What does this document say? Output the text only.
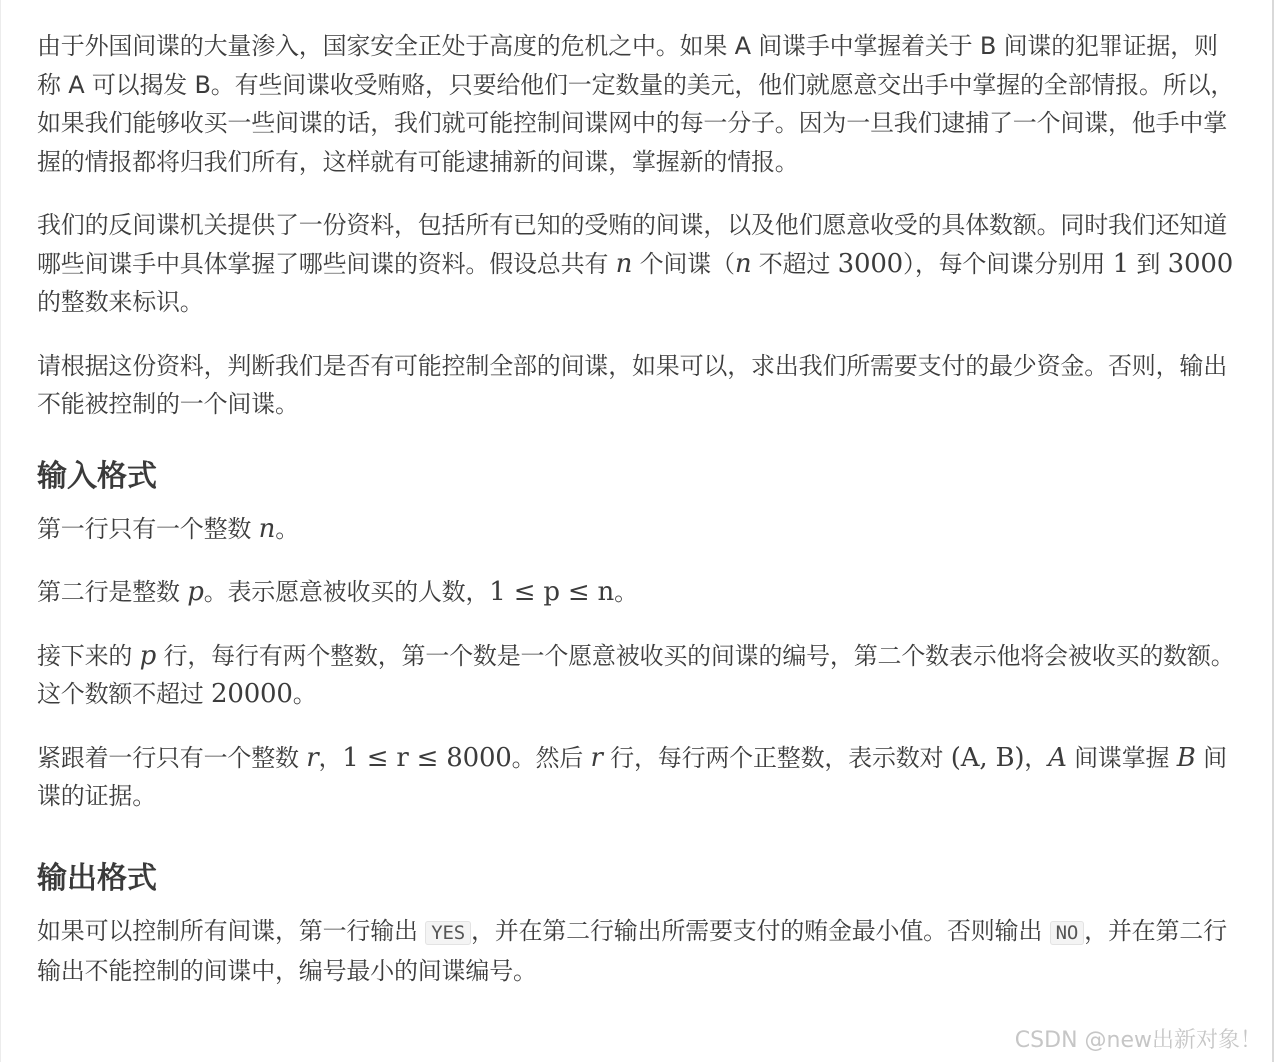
由于外国间谍的大量渗入，国家安全正处于高度的危机之中。如果 A 间谍手中掌握着关于 B 间谍的犯罪证据，则称 A 可以揭发 B。有些间谍收受贿赂，只要给他们一定数量的美元，他们就愿意交出手中掌握的全部情报。所以，如果我们能够收买一些间谍的话，我们就可能控制间谍网中的每一分子。因为一旦我们逮捕了一个间谍，他手中掌握的情报都将归我们所有，这样就有可能逮捕新的间谍，掌握新的情报。

我们的反间谍机关提供了一份资料，包括所有已知的受贿的间谍，以及他们愿意收受的具体数额。同时我们还知道哪些间谍手中具体掌握了哪些间谍的资料。假设总共有 n 个间谍（n 不超过 3000），每个间谍分别用 1 到 3000 的整数来标识。

请根据这份资料，判断我们是否有可能控制全部的间谍，如果可以，求出我们所需要支付的最少资金。否则，输出不能被控制的一个间谍。

输入格式

第一行只有一个整数 n。

第二行是整数 p。表示愿意被收买的人数，1 ≤ p ≤ n。

接下来的 p 行，每行有两个整数，第一个数是一个愿意被收买的间谍的编号，第二个数表示他将会被收买的数额。这个数额不超过 20000。

紧跟着一行只有一个整数 r，1 ≤ r ≤ 8000。然后 r 行，每行两个正整数，表示数对 (A, B)，A 间谍掌握 B 间谍的证据。

输出格式

如果可以控制所有间谍，第一行输出 YES ，并在第二行输出所需要支付的贿金最小值。否则输出 NO ，并在第二行输出不能控制的间谍中，编号最小的间谍编号。

CSDN @new出新对象！
